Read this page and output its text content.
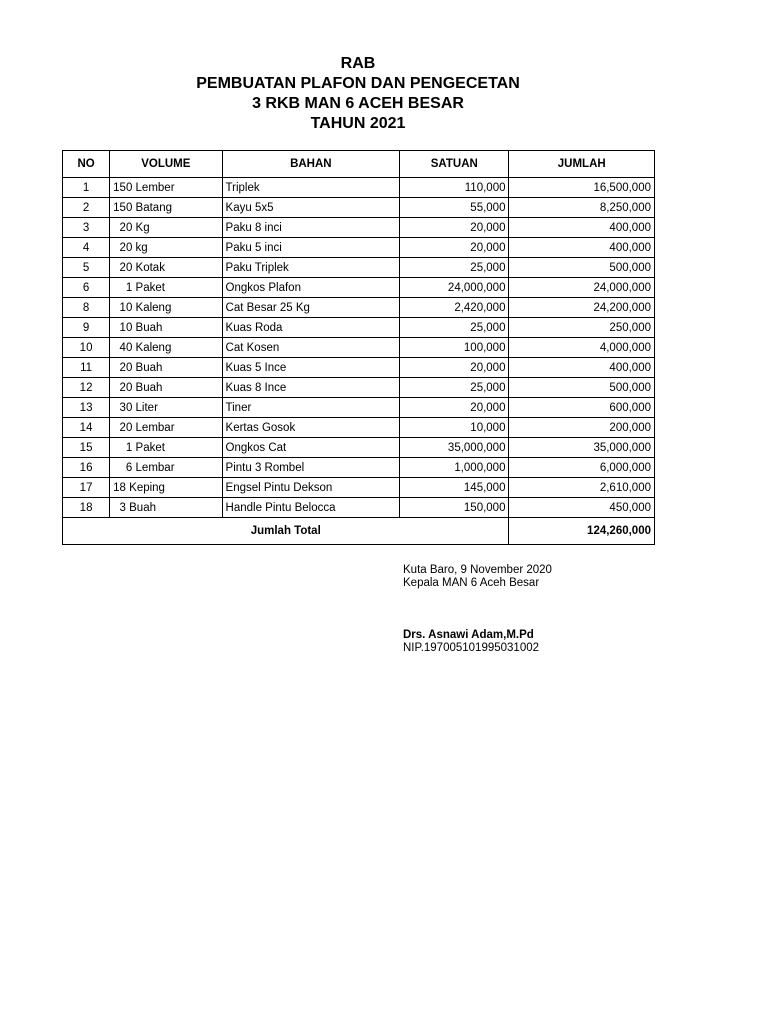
RAB
PEMBUATAN PLAFON DAN PENGECETAN
3 RKB MAN 6 ACEH BESAR
TAHUN 2021
NO	VOLUME	BAHAN	SATUAN	JUMLAH
1	150 Lember	Triplek	110,000	16,500,000
2	150 Batang	Kayu 5x5	55,000	8,250,000
3	20 Kg	Paku 8 inci	20,000	400,000
4	20 kg	Paku 5 inci	20,000	400,000
5	20 Kotak	Paku Triplek	25,000	500,000
6	1 Paket	Ongkos Plafon	24,000,000	24,000,000
8	10 Kaleng	Cat Besar 25 Kg	2,420,000	24,200,000
9	10 Buah	Kuas Roda	25,000	250,000
10	40 Kaleng	Cat Kosen	100,000	4,000,000
11	20 Buah	Kuas 5 Ince	20,000	400,000
12	20 Buah	Kuas 8 Ince	25,000	500,000
13	30 Liter	Tiner	20,000	600,000
14	20 Lembar	Kertas Gosok	10,000	200,000
15	1 Paket	Ongkos Cat	35,000,000	35,000,000
16	6 Lembar	Pintu 3 Rombel	1,000,000	6,000,000
17	18 Keping	Engsel Pintu Dekson	145,000	2,610,000
18	3 Buah	Handle Pintu Belocca	150,000	450,000
Jumlah Total				124,260,000
Kuta Baro, 9 November 2020
Kepala MAN 6 Aceh Besar
Drs. Asnawi Adam,M.Pd
NIP.197005101995031002
